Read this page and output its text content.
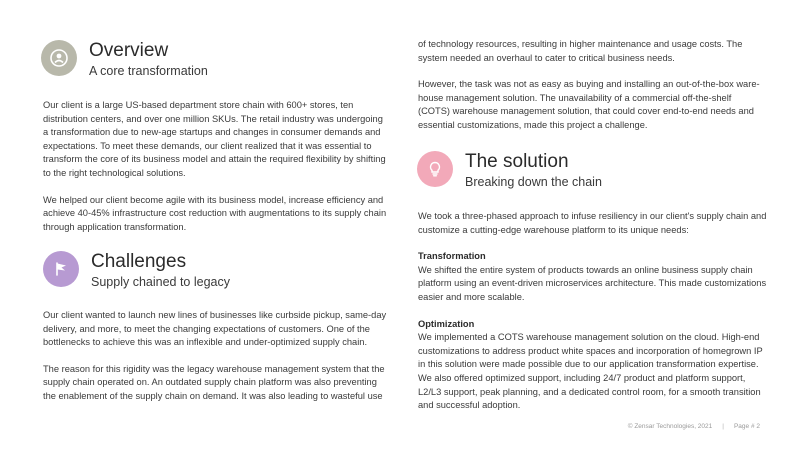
Overview
A core transformation

Our client is a large US-based department store chain with 600+ stores, ten distribution centers, and over one million SKUs. The retail industry was undergoing a transformation due to new-age startups and changes in consumer demands and expectations. To meet these demands, our client realized that it was essential to transform the core of its business model and attain the required flexibility by shifting to the right technological solutions.

We helped our client become agile with its business model, increase efficiency and achieve 40-45% infrastructure cost reduction with augmentations to its supply chain through application transformation.

Challenges
Supply chained to legacy

Our client wanted to launch new lines of businesses like curbside pickup, same-day delivery, and more, to meet the changing expectations of customers. One of the bottlenecks to achieve this was an inflexible and under-optimized supply chain.

The reason for this rigidity was the legacy warehouse management system that the supply chain operated on. An outdated supply chain platform was also preventing the enablement of the supply chain on demand. It was also leading to wasteful use

of technology resources, resulting in higher maintenance and usage costs. The system needed an overhaul to cater to critical business needs.

However, the task was not as easy as buying and installing an out-of-the-box ware-house management solution. The unavailability of a commercial off-the-shelf (COTS) warehouse management solution, that could cover end-to-end needs and essential customizations, made this project a challenge.

The solution
Breaking down the chain

We took a three-phased approach to infuse resiliency in our client's supply chain and customize a cutting-edge warehouse platform to its unique needs:

Transformation

We shifted the entire system of products towards an online business supply chain platform using an event-driven microservices architecture. This made customizations easier and more scalable.

Optimization

We implemented a COTS warehouse management solution on the cloud. High-end customizations to address product white spaces and incorporation of homegrown IP in this solution were made possible due to our application transformation expertise. We also offered optimized support, including 24/7 product and platform support, L2/L3 support, peak planning, and a dedicated control room, for a smooth transition and successful adoption.

© Zensar Technologies, 2021 | Page # 2
